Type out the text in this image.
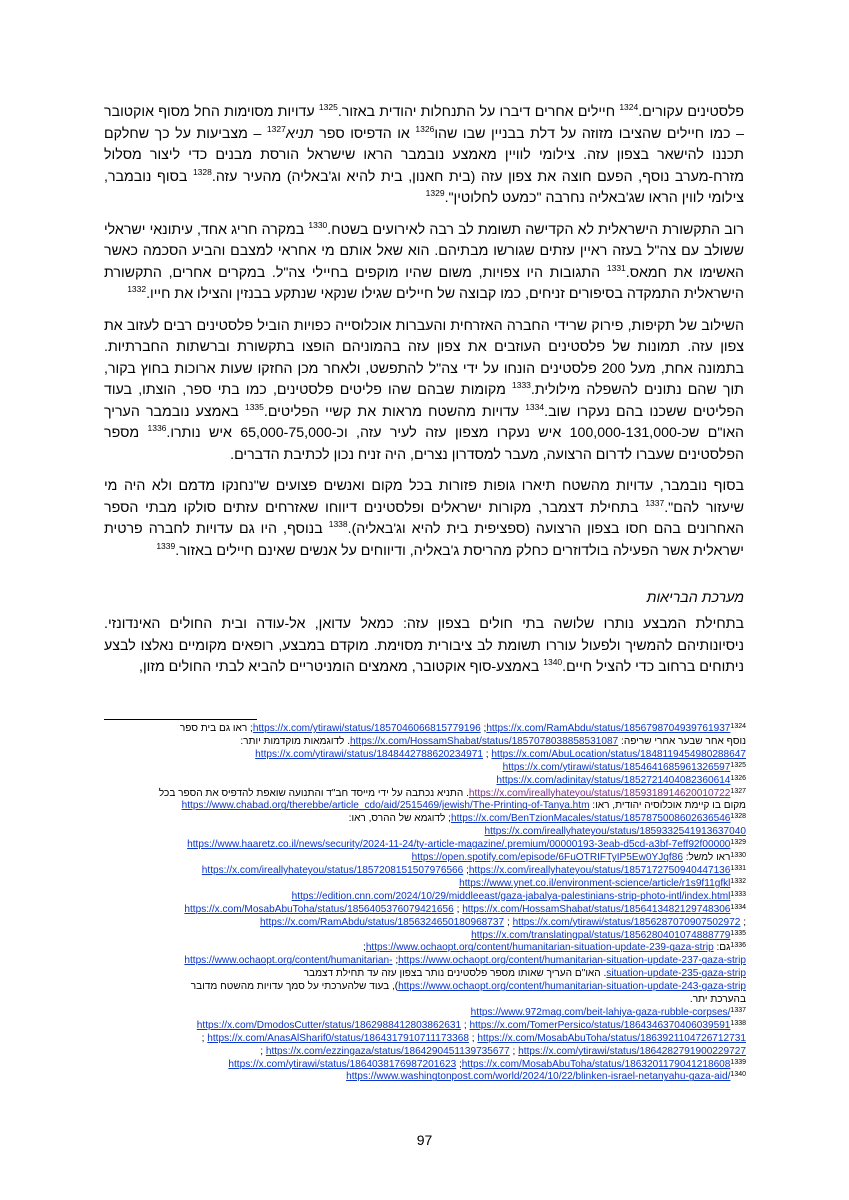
פלסטינים עקורים.$^{1324}$ חיילים אחרים דיברו על התנחלות יהודית באזור.$^{1325}$ עדויות מסוימות החל מסוף אוקטובר – כמו חיילים שהציבו מזוזה על דלת בבניין שבו שהו$^{1326}$ או הדפיסו ספר תניא$^{1327}$ – מצביעות על כך שחלקם תכננו להישאר בצפון עזה. צילומי לוויין מאמצע נובמבר הראו שישראל הורסת מבנים כדי ליצור מסלול מזרח-מערב נוסף, הפעם חוצה את צפון עזה (בית חאנון, בית להיא וג'באליה) מהעיר עזה.$^{1328}$ בסוף נובמבר, צילומי לווין הראו שג'באליה נחרבה "כמעט לחלוטין".$^{1329}$

רוב התקשורת הישראלית לא הקדישה תשומת לב רבה לאירועים בשטח.$^{1330}$ במקרה חריג אחד, עיתונאי ישראלי ששולב עם צה"ל בעזה ראיין עזתים שגורשו מבתיהם. הוא שאל אותם מי אחראי למצבם והביע הסכמה כאשר האשימו את חמאס.$^{1331}$ התגובות היו צפויות, משום שהיו מוקפים בחיילי צה"ל. במקרים אחרים, התקשורת הישראלית התמקדה בסיפורים זניחים, כמו קבוצה של חיילים שגילו שנקאי שנתקע בבנזין והצילו את חייו.$^{1332}$

השילוב של תקיפות, פירוק שרידי החברה האזרחית והעברות אוכלוסייה כפויות הוביל פלסטינים רבים לעזוב את צפון עזה. תמונות של פלסטינים העוזבים את צפון עזה בהמוניהם הופצו בתקשורת וברשתות החברתיות. בתמונה אחת, מעל 200 פלסטינים הונחו על ידי צה"ל להתפשט, ולאחר מכן החזקו שעות ארוכות בחוץ בקור, תוך שהם נתונים להשפלה מילולית.$^{1333}$ מקומות שבהם שהו פליטים פלסטינים, כמו בתי ספר, הוצתו, בעוד הפליטים ששכנו בהם נעקרו שוב.$^{1334}$ עדויות מהשטח מראות את קשיי הפליטים.$^{1335}$ באמצע נובמבר העריך האו"ם שכ-100,000-131,000 איש נעקרו מצפון עזה לעיר עזה, וכ-65,000-75,000 איש נותרו.$^{1336}$ מספר הפלסטינים שעברו לדרום הרצועה, מעבר למסדרון נצרים, היה זניח נכון לכתיבת הדברים.

בסוף נובמבר, עדויות מהשטח תיארו גופות פזורות בכל מקום ואנשים פצועים ש"נחנקו מדמם ולא היה מי שיעזור להם".$^{1337}$ בתחילת דצמבר, מקורות ישראלים ופלסטינים דיווחו שאזרחים עזתים סולקו מבתי הספר האחרונים בהם חסו בצפון הרצועה (ספציפית בית להיא וג'באליה).$^{1338}$ בנוסף, היו גם עדויות לחברה פרטית ישראלית אשר הפעילה בולדוזרים כחלק מהריסת ג'באליה, ודיווחים על אנשים שאינם חיילים באזור.$^{1339}$

מערכת הבריאות

בתחילת המבצע נותרו שלושה בתי חולים בצפון עזה: כמאל עדואן, אל-עודה ובית החולים האינדונזי. ניסיונותיהם להמשיך ולפעול עוררו תשומת לב ציבורית מסוימת. מוקדם במבצע, רופאים מקומיים נאלצו לבצע ניתוחים ברחוב כדי להציל חיים.$^{1340}$ באמצע-סוף אוקטובר, מאמצים הומניטריים להביא לבתי החולים מזון,

$^{1324}$https://x.com/RamAbdu/status/1856798704939761937; https://x.com/ytirawi/status/1857046066815779196; ראו גם בית ספר
נוסף אחר שבער אחרי שריפה: https://x.com/HossamShabat/status/1857078038858531087. לדוגמאות מוקדמות יותר:
https://x.com/AbuLocation/status/1848119454980288647 ; https://x.com/ytirawi/status/1848442788620234971
$^{1325}$https://x.com/ytirawi/status/1854641685961326597
$^{1326}$https://x.com/adinitay/status/1852721404082360614
$^{1327}$https://x.com/ireallyhateyou/status/1859318914620010722. התניא נכתבה על ידי מייסד חב"ד והתנועה שואפת להדפיס את הספר בכל
מקום בו קיימת אוכלוסיה יהודית, ראו: https://www.chabad.org/therebbe/article_cdo/aid/2515469/jewish/The-Printing-of-Tanya.htm
$^{1328}$https://x.com/BenTzionMacales/status/1857875008602636546; לדוגמא של ההרס, ראו:
https://x.com/ireallyhateyou/status/1859332541913637040
$^{1329}$https://www.haaretz.co.il/news/security/2024-11-24/ty-article-magazine/.premium/00000193-3eab-d5cd-a3bf-7eff92f00000
$^{1330}$ראו למשל: https://open.spotify.com/episode/6FuOTRIFTyIP5Ew0YJqf86
$^{1331}$https://x.com/ireallyhateyou/status/1857172750940447136; https://x.com/ireallyhateyou/status/1857208151507976566
$^{1332}$https://www.ynet.co.il/environment-science/article/r1s9f11gfkl
$^{1333}$https://edition.cnn.com/2024/10/29/middleeast/gaza-jabalya-palestinians-strip-photo-intl/index.html
$^{1334}$https://x.com/HossamShabat/status/1856413482129748306 ; https://x.com/MosabAbuToha/status/1856405376079421656
; https://x.com/ytirawi/status/1856287070907502972 ; https://x.com/RamAbdu/status/1856324650180968737
$^{1335}$https://x.com/translatingpal/status/1856280401074888779
$^{1336}$גם: https://www.ochaopt.org/content/humanitarian-situation-update-239-gaza-strip;
https://www.ochaopt.org/content/humanitarian-situation-update-237-gaza-strip; https://www.ochaopt.org/content/humanitarian-
situation-update-235-gaza-strip. האו"ם העריך שאותו מספר פלסטינים נותר בצפון עזה עד תחילת דצמבר
https://www.ochaopt.org/content/humanitarian-situation-update-243-gaza-strip), בעוד שלהערכתי על סמך עדויות מהשטח מדובר
בהערכת יתר.
$^{1337}$https://www.972mag.com/beit-lahiya-gaza-rubble-corpses/
$^{1338}$https://x.com/TomerPersico/status/1864346370406039591 ; https://x.com/DmodosCutter/status/1862988412803862631
https://x.com/MosabAbuToha/status/1863921104726712731 ; https://x.com/AnasAlSharif0/status/1864317910711173368 ;
https://x.com/ytirawi/status/1864282791900229727 ; https://x.com/ezzingaza/status/1864290451139735677 ;
$^{1339}$https://x.com/MosabAbuToha/status/1863201179041218608; https://x.com/ytirawi/status/1864038176987201623
$^{1340}$https://www.washingtonpost.com/world/2024/10/22/blinken-israel-netanyahu-gaza-aid/
97
